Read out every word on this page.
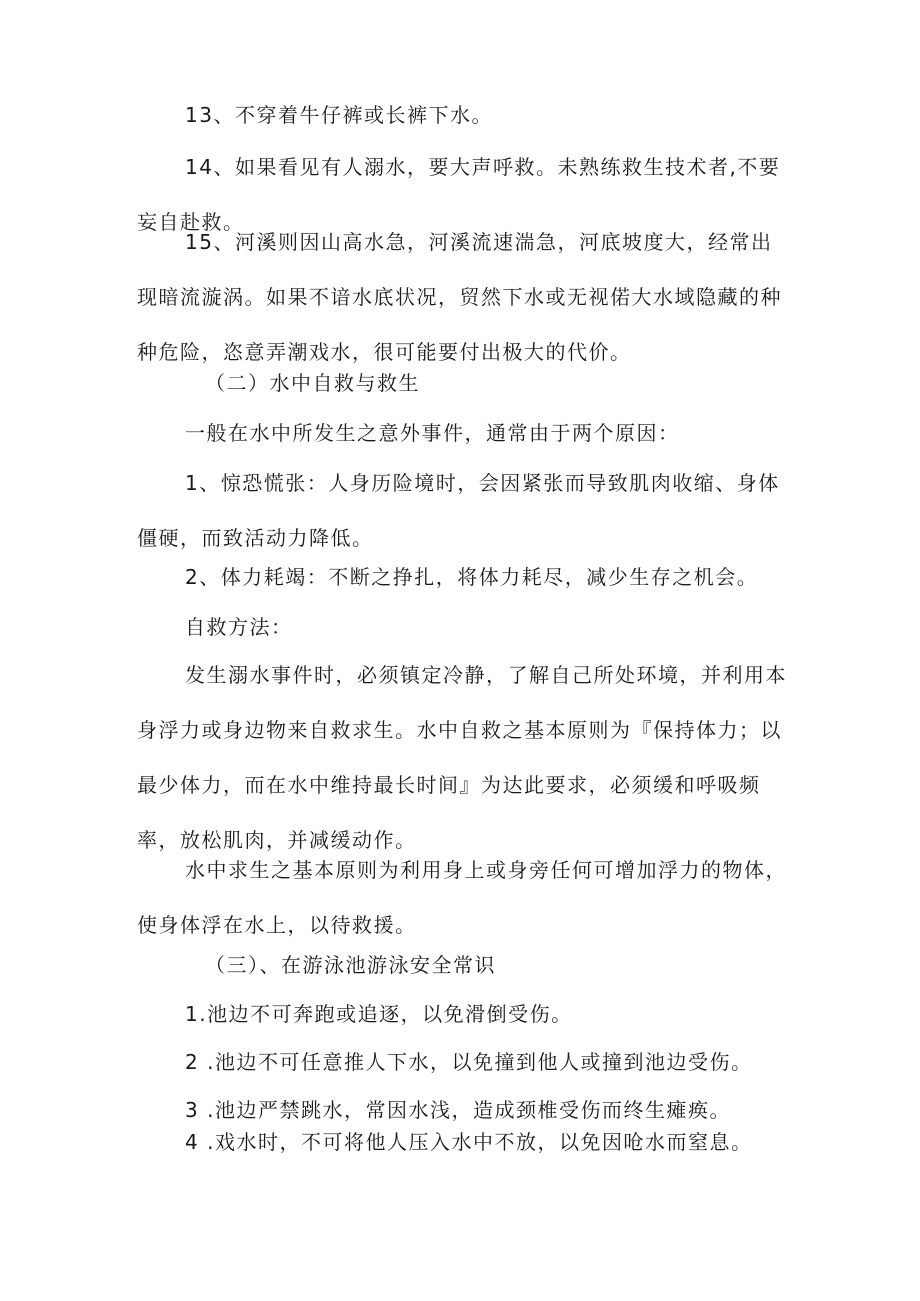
13、不穿着牛仔裤或长裤下水。

14、如果看见有人溺水，要大声呼救。未熟练救生技术者,不要妄自赴救。

15、河溪则因山高水急，河溪流速湍急，河底坡度大，经常出现暗流漩涡。如果不谙水底状况，贸然下水或无视偌大水域隐藏的种种危险，恣意弄潮戏水，很可能要付出极大的代价。

（二）水中自救与救生

一般在水中所发生之意外事件，通常由于两个原因：

1、惊恐慌张：人身历险境时，会因紧张而导致肌肉收缩、身体僵硬，而致活动力降低。

2、体力耗竭：不断之挣扎，将体力耗尽，减少生存之机会。

自救方法：

发生溺水事件时，必须镇定冷静，了解自己所处环境，并利用本身浮力或身边物来自救求生。水中自救之基本原则为『保持体力；以最少体力，而在水中维持最长时间』为达此要求，必须缓和呼吸频率，放松肌肉，并减缓动作。

水中求生之基本原则为利用身上或身旁任何可增加浮力的物体，使身体浮在水上，以待救援。

（三）、在游泳池游泳安全常识

1.池边不可奔跑或追逐，以免滑倒受伤。

2 .池边不可任意推人下水，以免撞到他人或撞到池边受伤。

3 .池边严禁跳水，常因水浅，造成颈椎受伤而终生瘫痪。

4 .戏水时，不可将他人压入水中不放，以免因呛水而窒息。
